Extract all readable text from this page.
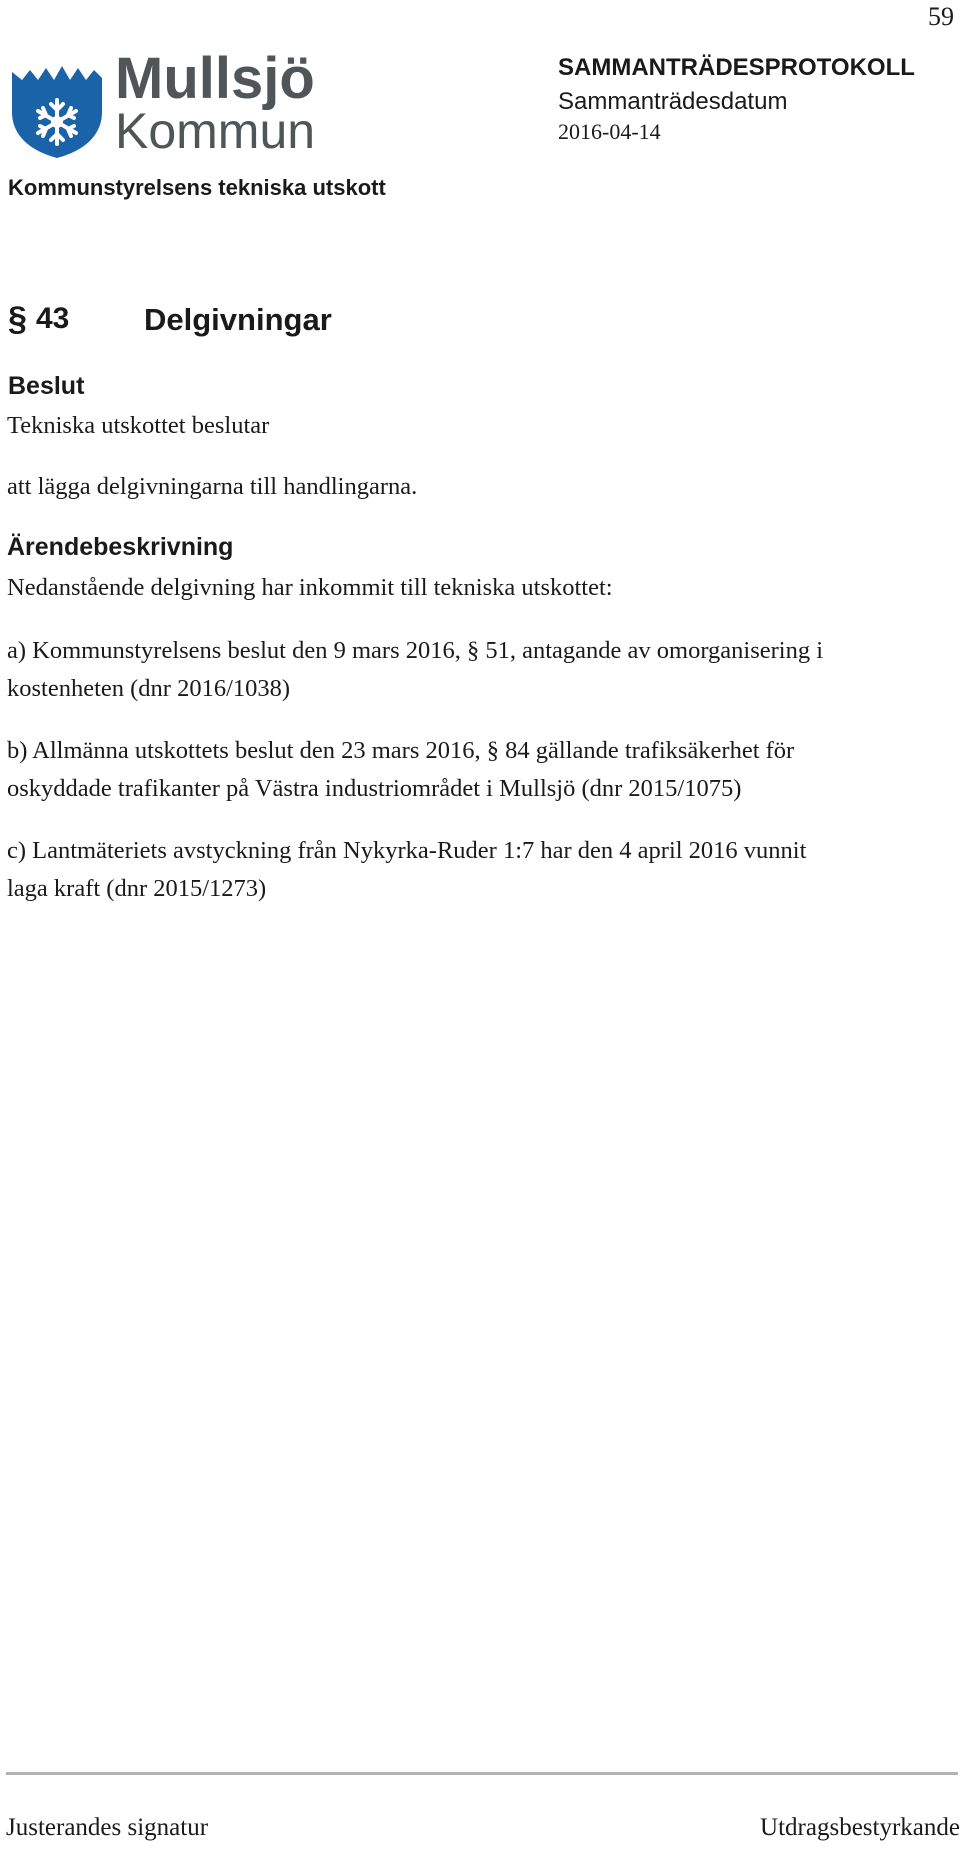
59
Mullsjö
Kommun
SAMMANTRÄDESPROTOKOLL
Sammanträdesdatum
2016-04-14
Kommunstyrelsens tekniska utskott
§ 43 Delgivningar
Beslut
Tekniska utskottet beslutar
att lägga delgivningarna till handlingarna.
Ärendebeskrivning
Nedanstående delgivning har inkommit till tekniska utskottet:
a) Kommunstyrelsens beslut den 9 mars 2016, § 51, antagande av omorganisering i
kostenheten (dnr 2016/1038)
b) Allmänna utskottets beslut den 23 mars 2016, § 84 gällande trafiksäkerhet för
oskyddade trafikanter på Västra industriområdet i Mullsjö (dnr 2015/1075)
c) Lantmäteriets avstyckning från Nykyrka-Ruder 1:7 har den 4 april 2016 vunnit
laga kraft (dnr 2015/1273)
Justerandes signatur	Utdragsbestyrkande
